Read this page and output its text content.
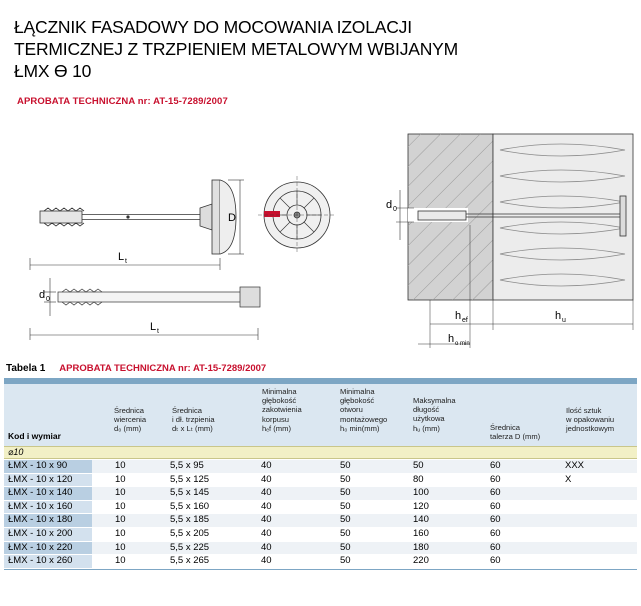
ŁĄCZNIK FASADOWY DO MOCOWANIA IZOLACJI
TERMICZNEJ Z TRZPIENIEM METALOWYM WBIJANYM
ŁMX Ө 10
APROBATA TECHNICZNA nr: AT-15-7289/2007
D
L t
d 0
L t
d 0
h ef	h u
h o min
Tabela 1 APROBATA TECHNICZNA nr: AT-15-7289/2007
Kod i wymiar
Średnica
wiercenia
d₀ (mm)
Średnica
i dł. trzpienia
dₜ x Lₜ (mm)
Minimalna
głębokość
zakotwienia
korpusu
hₑf (mm)
Minimalna
głębokość
otworu
montażowego
h₀ min(mm)
Maksymalna
długość
użytkowa
hᵤ (mm)	Średnica
talerza D (mm)
Ilość sztuk
w opakowaniu
jednostkowym
⌀10
ŁMX - 10 x 90	10	5,5 x 95	40	50	50	60	XXX
ŁMX - 10 x 120	10	5,5 x 125	40	50	80	60	X
ŁMX - 10 x 140	10	5,5 x 145	40	50	100	60
ŁMX - 10 x 160	10	5,5 x 160	40	50	120	60
ŁMX - 10 x 180	10	5,5 x 185	40	50	140	60
ŁMX - 10 x 200	10	5,5 x 205	40	50	160	60
ŁMX - 10 x 220	10	5,5 x 225	40	50	180	60
ŁMX - 10 x 260	10	5,5 x 265	40	50	220	60
